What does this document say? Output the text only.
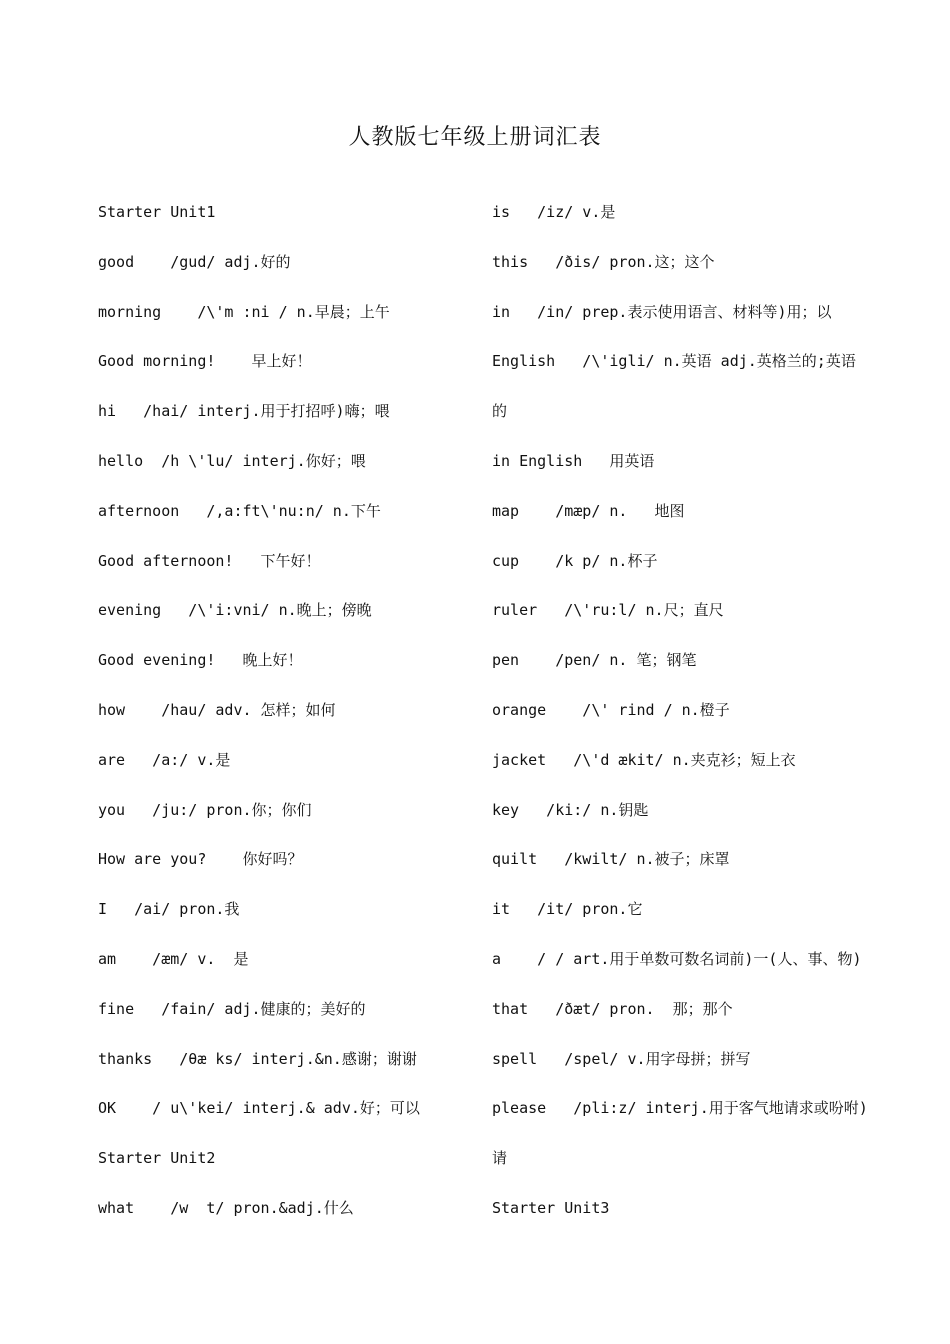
人教版七年级上册词汇表
Starter Unit1
good    /gud/ adj.好的
morning    /\'m :ni / n.早晨；上午
Good morning!    早上好！
hi   /hai/ interj.用于打招呼)嗨；喂
hello  /h \'lu/ interj.你好；喂
afternoon   /,a:ft\'nu:n/ n.下午
Good afternoon!   下午好！
evening   /\'i:vni/ n.晚上；傍晚
Good evening!   晚上好！
how    /hau/ adv. 怎样；如何
are   /a:/ v.是
you   /ju:/ pron.你；你们
How are you?    你好吗？
I   /ai/ pron.我
am    /æm/ v.  是
fine   /fain/ adj.健康的；美好的
thanks   /θæ ks/ interj.&n.感谢；谢谢
OK    / u\'kei/ interj.& adv.好；可以
Starter Unit2
what    /w  t/ pron.&adj.什么
is   /iz/ v.是
this   /ðis/ pron.这；这个
in   /in/ prep.表示使用语言、材料等)用；以
English   /\'igli/ n.英语 adj.英格兰的;英语
的
in English   用英语
map    /mæp/ n.   地图
cup    /k p/ n.杯子
ruler   /\'ru:l/ n.尺；直尺
pen    /pen/ n. 笔；钢笔
orange    /\' rind / n.橙子
jacket   /\'d ækit/ n.夹克衫；短上衣
key   /ki:/ n.钥匙
quilt   /kwilt/ n.被子；床罩
it   /it/ pron.它
a    / / art.用于单数可数名词前)一(人、事、物)
that   /ðæt/ pron.  那；那个
spell   /spel/ v.用字母拼；拼写
please   /pli:z/ interj.用于客气地请求或吩咐)
请
Starter Unit3
